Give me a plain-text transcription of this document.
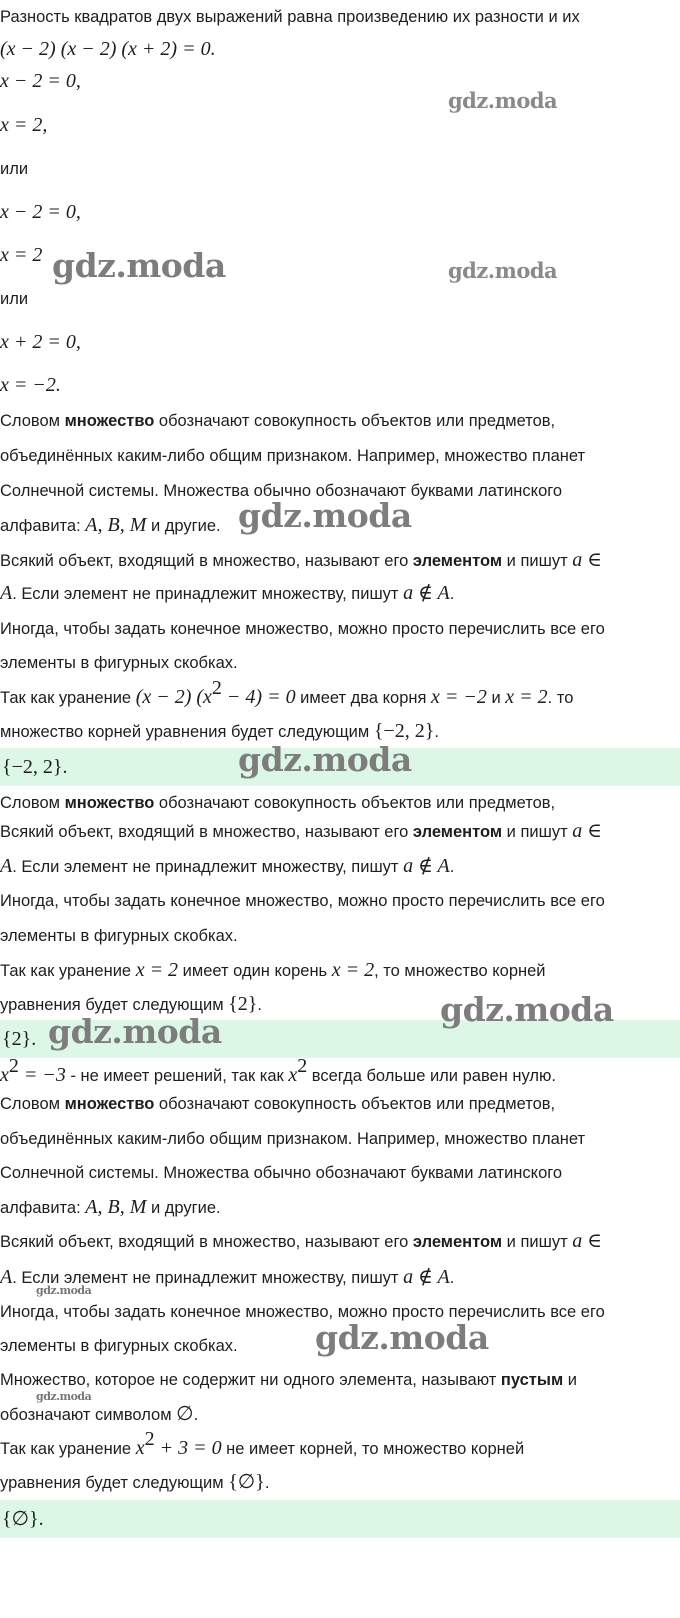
Разность квадратов двух выражений равна произведению их разности и их
(x − 2) (x − 2) (x + 2) = 0.
x − 2 = 0,
x = 2,
или
x − 2 = 0,
x = 2
или
x + 2 = 0,
x = −2.
Словом множество обозначают совокупность объектов или предметов,
объединённых каким-либо общим признаком. Например, множество планет
Солнечной системы. Множества обычно обозначают буквами латинского
алфавита: A, B, M и другие.
Всякий объект, входящий в множество, называют его элементом и пишут a ∈
A. Если элемент не принадлежит множеству, пишут a ∉ A.
Иногда, чтобы задать конечное множество, можно просто перечислить все его
элементы в фигурных скобках.
Так как уранение (x − 2) $(x^2 - 4) = 0$ имеет два корня x = −2 и x = 2. то
множество корней уравнения будет следующим {−2, 2}.
{−2, 2}.
Словом множество обозначают совокупность объектов или предметов,
Всякий объект, входящий в множество, называют его элементом и пишут a ∈
A. Если элемент не принадлежит множеству, пишут a ∉ A.
Иногда, чтобы задать конечное множество, можно просто перечислить все его
элементы в фигурных скобках.
Так как уранение x = 2 имеет один корень x = 2, то множество корней
уравнения будет следующим {2}.
{2}.
$x^2 = -3$ - не имеет решений, так как $x^2$ всегда больше или равен нулю.
Словом множество обозначают совокупность объектов или предметов,
объединённых каким-либо общим признаком. Например, множество планет
Солнечной системы. Множества обычно обозначают буквами латинского
алфавита: A, B, M и другие.
Всякий объект, входящий в множество, называют его элементом и пишут a ∈
A. Если элемент не принадлежит множеству, пишут a ∉ A.
Иногда, чтобы задать конечное множество, можно просто перечислить все его
элементы в фигурных скобках.
Множество, которое не содержит ни одного элемента, называют пустым и
обозначают символом ∅.
Так как уранение $x^2 + 3 = 0$ не имеет корней, то множество корней
уравнения будет следующим {∅}.
{∅}.
gdz.moda
gdz.moda	gdz.moda
gdz.moda
gdz.moda
gdz.moda
gdz.moda
gdz.moda
gdz.moda
gdz.moda
